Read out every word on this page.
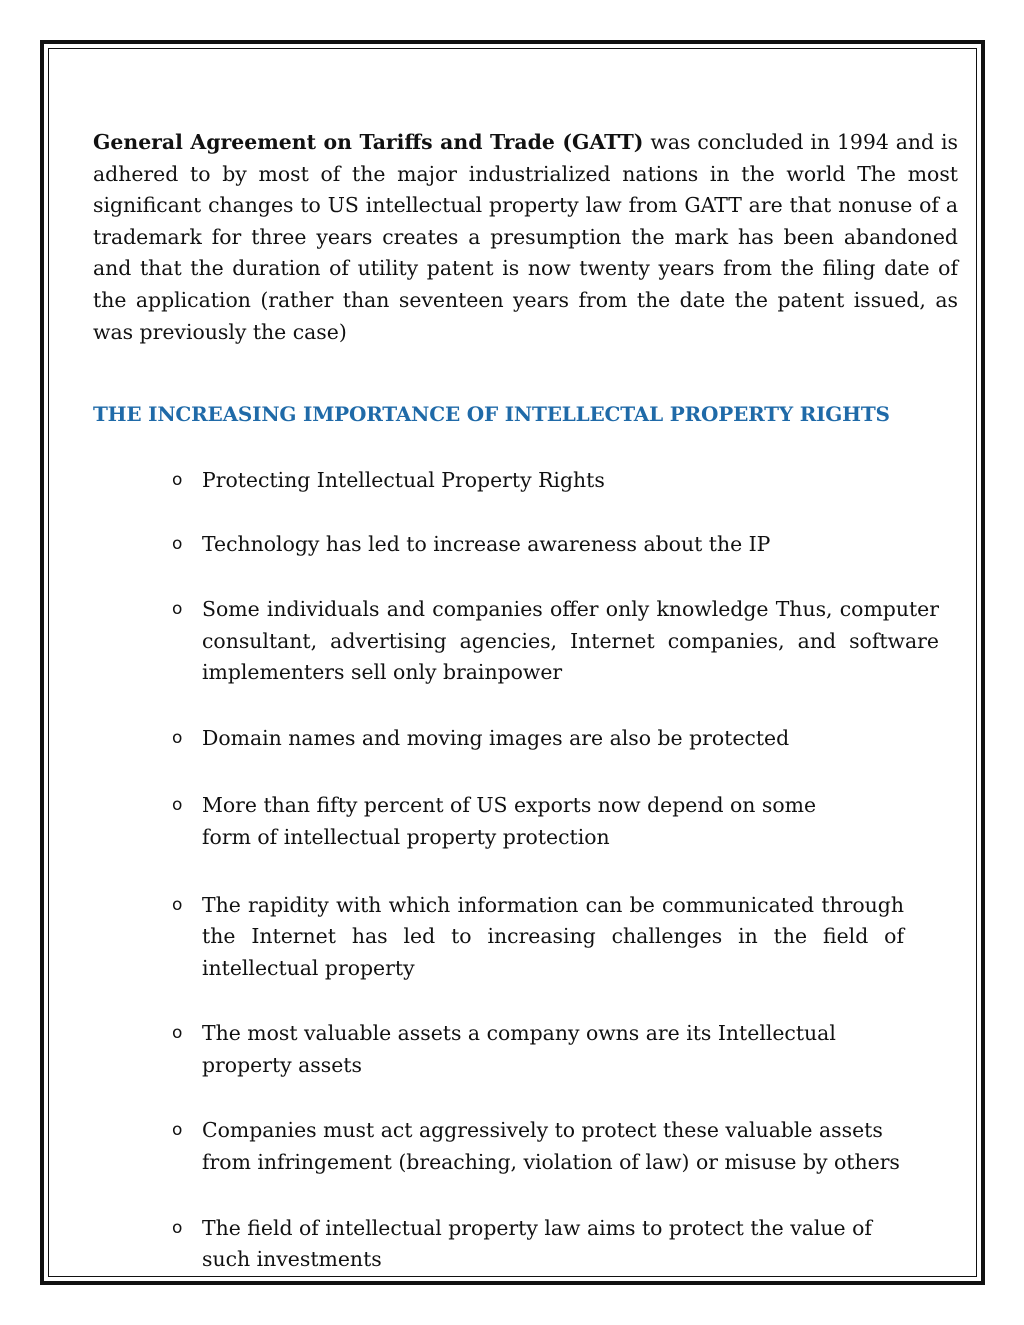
General Agreement on Tariffs and Trade (GATT) was concluded in 1994 and is adhered to by most of the major industrialized nations in the world The most significant changes to US intellectual property law from GATT are that nonuse of a trademark for three years creates a presumption the mark has been abandoned and that the duration of utility patent is now twenty years from the filing date of the application (rather than seventeen years from the date the patent issued, as was previously the case)

THE INCREASING IMPORTANCE OF INTELLECTAL PROPERTY RIGHTS
o Protecting Intellectual Property Rights
o Technology has led to increase awareness about the IP
o Some individuals and companies offer only knowledge Thus, computer consultant, advertising agencies, Internet companies, and software implementers sell only brainpower
o Domain names and moving images are also be protected
o More than fifty percent of US exports now depend on some form of intellectual property protection
o The rapidity with which information can be communicated through the Internet has led to increasing challenges in the field of intellectual property
o The most valuable assets a company owns are its Intellectual property assets
o Companies must act aggressively to protect these valuable assets from infringement (breaching, violation of law) or misuse by others
o The field of intellectual property law aims to protect the value of such investments
